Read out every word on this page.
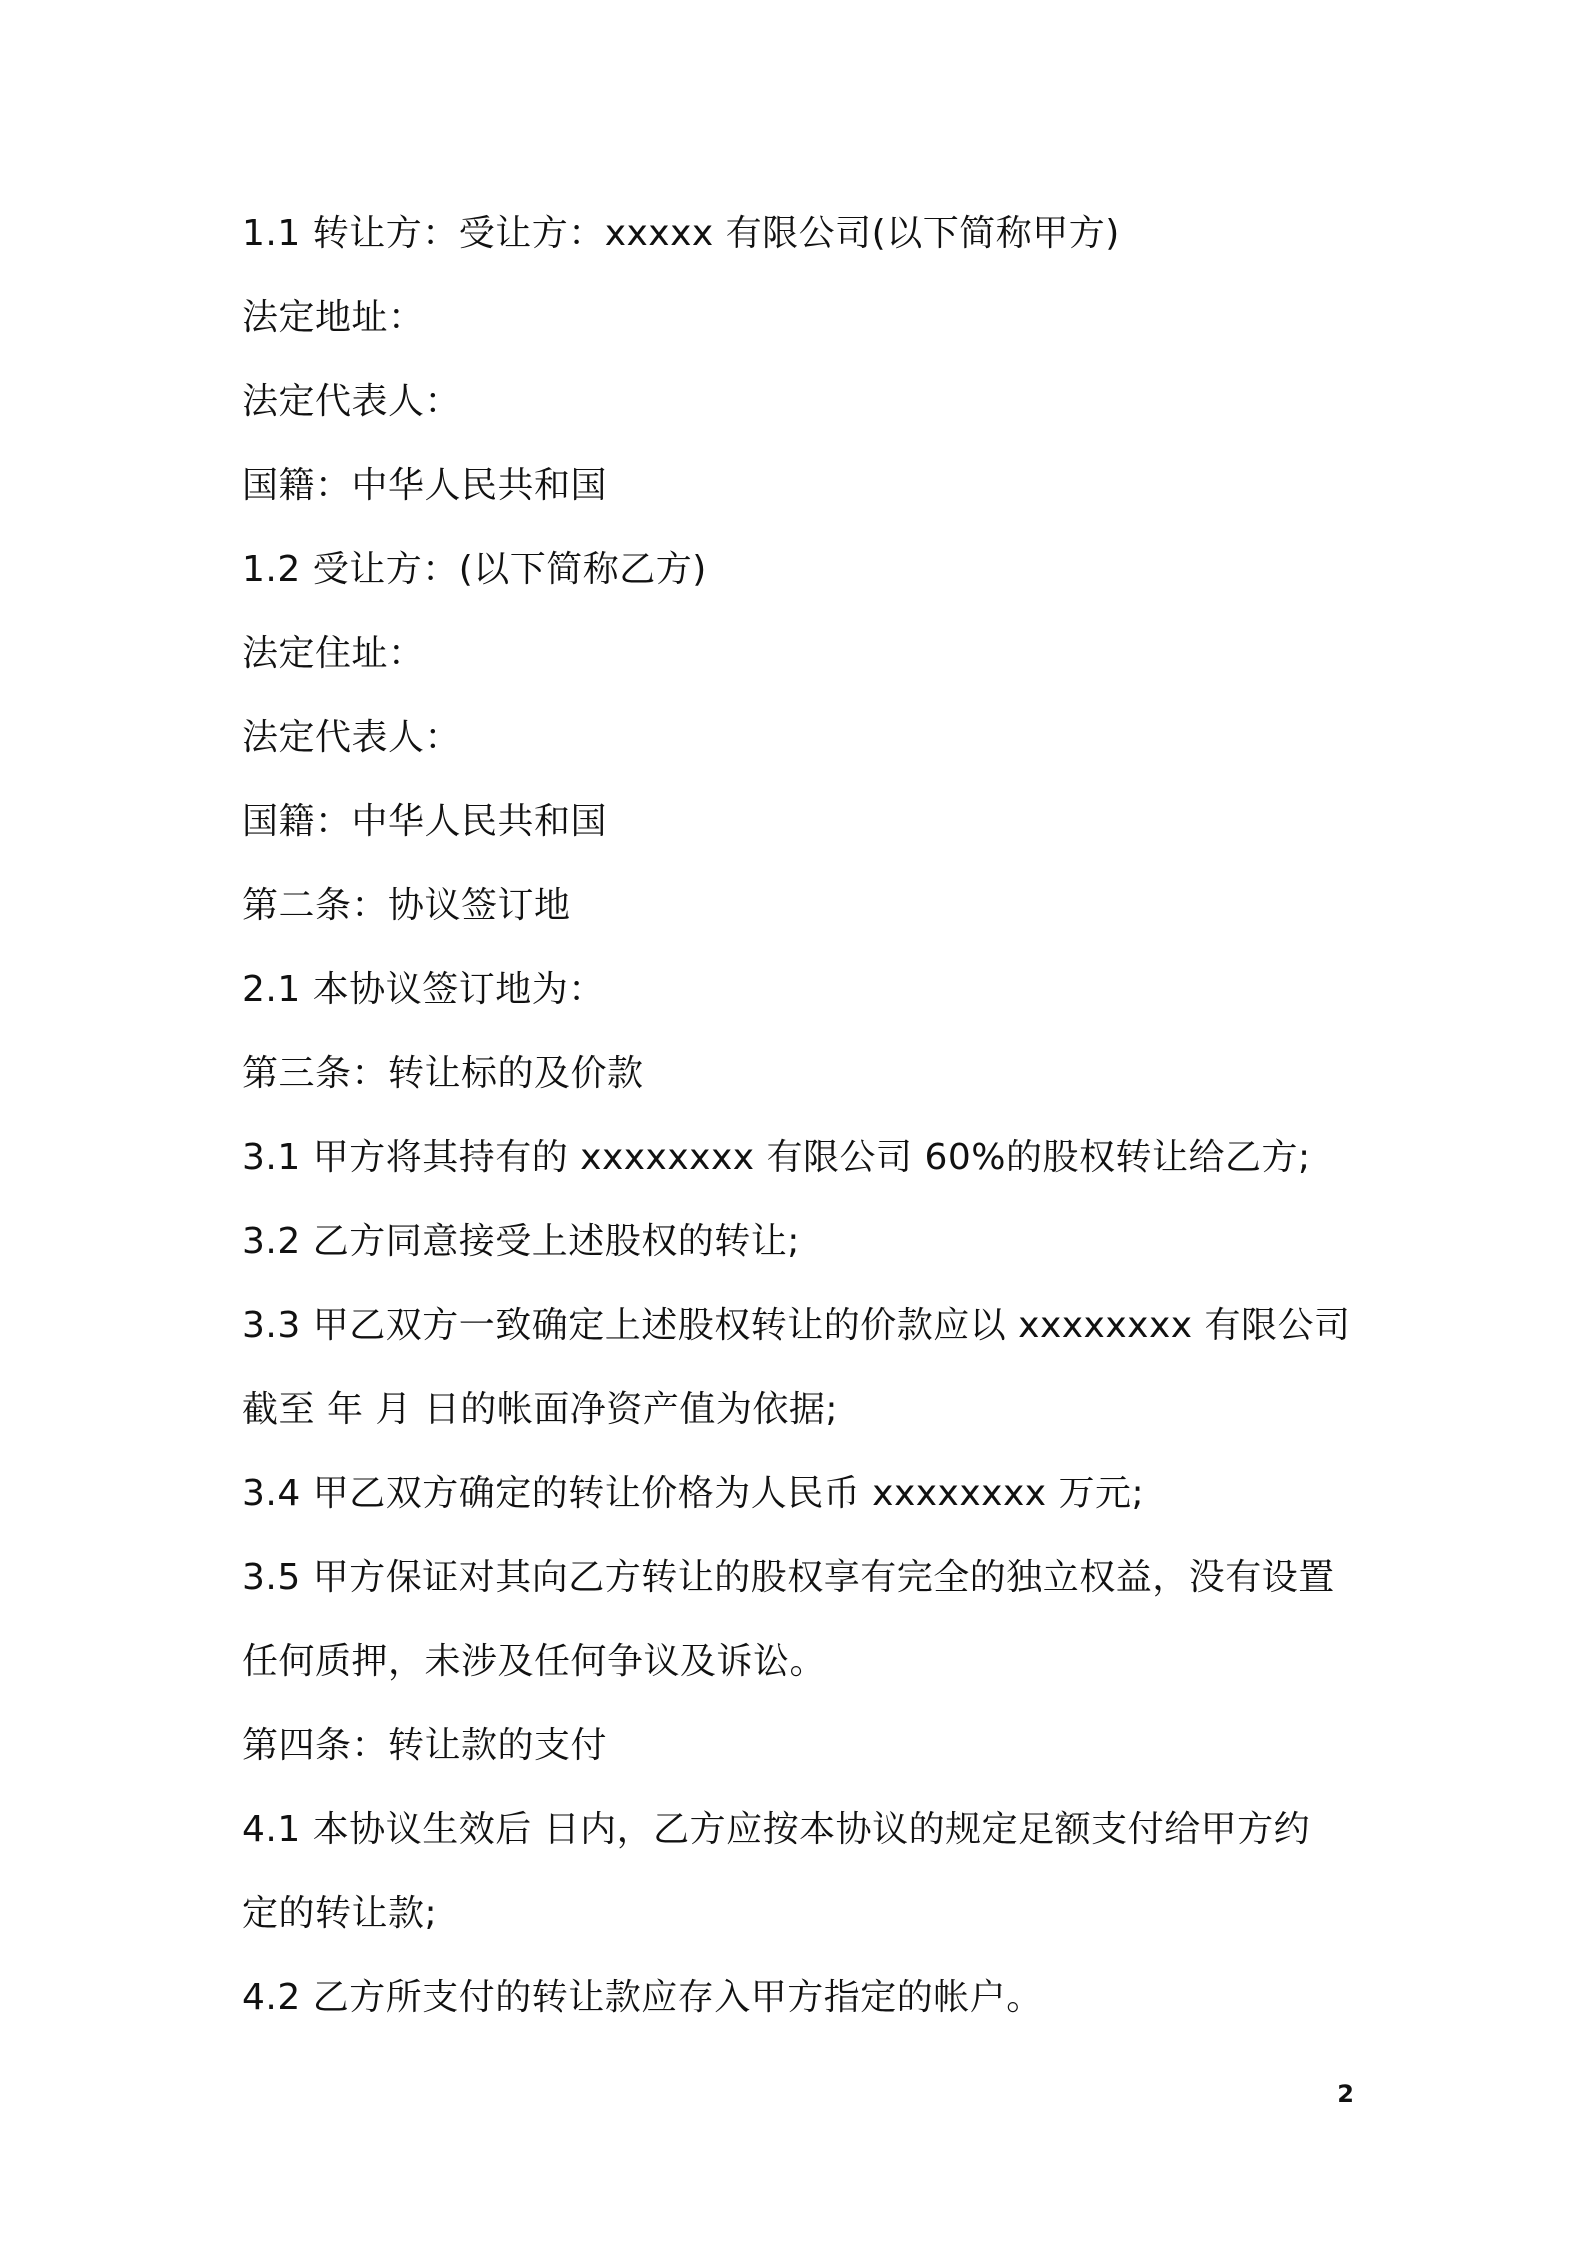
1.1 转让方：受让方：xxxxx 有限公司(以下简称甲方)
法定地址：
法定代表人：
国籍：中华人民共和国
1.2 受让方：(以下简称乙方)
法定住址：
法定代表人：
国籍：中华人民共和国
第二条：协议签订地
2.1 本协议签订地为：
第三条：转让标的及价款
3.1 甲方将其持有的 xxxxxxxx 有限公司 60%的股权转让给乙方;
3.2 乙方同意接受上述股权的转让;
3.3 甲乙双方一致确定上述股权转让的价款应以 xxxxxxxx 有限公司
截至 年 月 日的帐面净资产值为依据;
3.4 甲乙双方确定的转让价格为人民币 xxxxxxxx 万元;
3.5 甲方保证对其向乙方转让的股权享有完全的独立权益，没有设置
任何质押，未涉及任何争议及诉讼。
第四条：转让款的支付
4.1 本协议生效后 日内，乙方应按本协议的规定足额支付给甲方约
定的转让款;
4.2 乙方所支付的转让款应存入甲方指定的帐户。
2
